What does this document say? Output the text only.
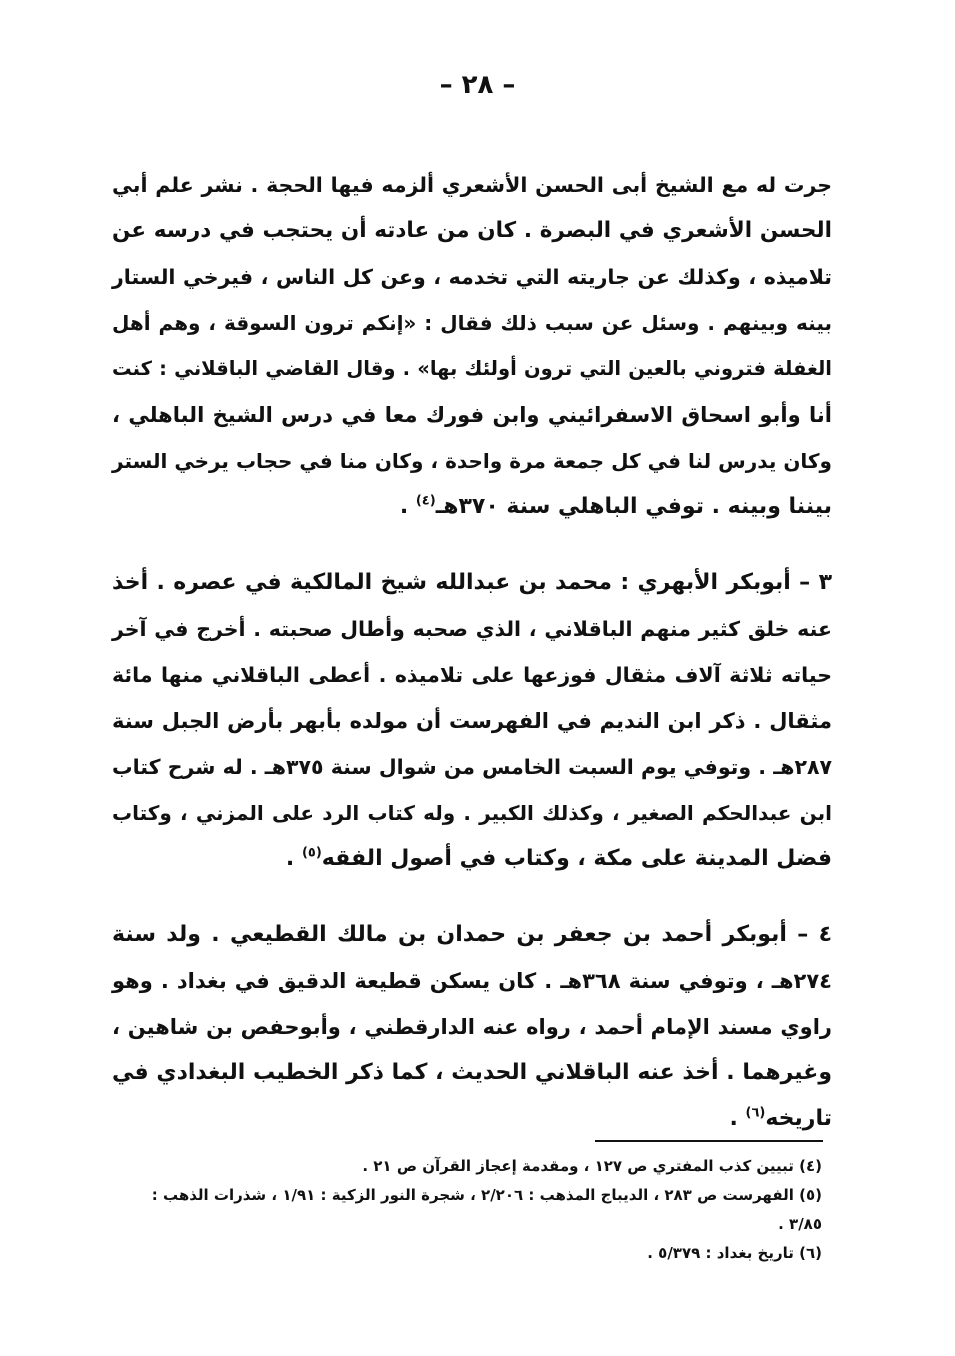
– ٢٨ –
جرت له مع الشيخ أبى الحسن الأشعري ألزمه فيها الحجة . نشر علم أبي
الحسن الأشعري في البصرة . كان من عادته أن يحتجب في درسه عن
تلاميذه ، وكذلك عن جاريته التي تخدمه ، وعن كل الناس ، فيرخي الستار
بينه وبينهم . وسئل عن سبب ذلك فقال : «إنكم ترون السوقة ، وهم أهل
الغفلة فتروني بالعين التي ترون أولئك بها» . وقال القاضي الباقلاني : كنت
أنا وأبو اسحاق الاسفرائيني وابن فورك معا في درس الشيخ الباهلي ،
وكان يدرس لنا في كل جمعة مرة واحدة ، وكان منا في حجاب يرخي الستر
بيننا وبينه . توفي الباهلي سنة ٣٧٠هـ$^{(٤)}$ .
٣ – أبوبكر الأبهري : محمد بن عبدالله شيخ المالكية في عصره . أخذ
عنه خلق كثير منهم الباقلاني ، الذي صحبه وأطال صحبته . أخرج في آخر
حياته ثلاثة آلاف مثقال فوزعها على تلاميذه . أعطى الباقلاني منها مائة
مثقال . ذكر ابن النديم في الفهرست أن مولده بأبهر بأرض الجبل سنة
٢٨٧هـ . وتوفي يوم السبت الخامس من شوال سنة ٣٧٥هـ . له شرح كتاب
ابن عبدالحكم الصغير ، وكذلك الكبير . وله كتاب الرد على المزني ، وكتاب
فضل المدينة على مكة ، وكتاب في أصول الفقه$^{(٥)}$ .
٤ – أبوبكر أحمد بن جعفر بن حمدان بن مالك القطيعي . ولد سنة
٢٧٤هـ ، وتوفي سنة ٣٦٨هـ . كان يسكن قطيعة الدقيق في بغداد . وهو
راوي مسند الإمام أحمد ، رواه عنه الدارقطني ، وأبوحفص بن شاهين ،
وغيرهما . أخذ عنه الباقلاني الحديث ، كما ذكر الخطيب البغدادي في
تاريخه$^{(٦)}$ .
(٤) تبيين كذب المفتري ص ١٢٧ ، ومقدمة إعجاز القرآن ص ٢١ .
(٥) الفهرست ص ٢٨٣ ، الديباج المذهب : ٢/٢٠٦ ، شجرة النور الزكية : ١/٩١ ، شذرات الذهب :
٣/٨٥ .
(٦) تاريخ بغداد : ٥/٣٧٩ .
